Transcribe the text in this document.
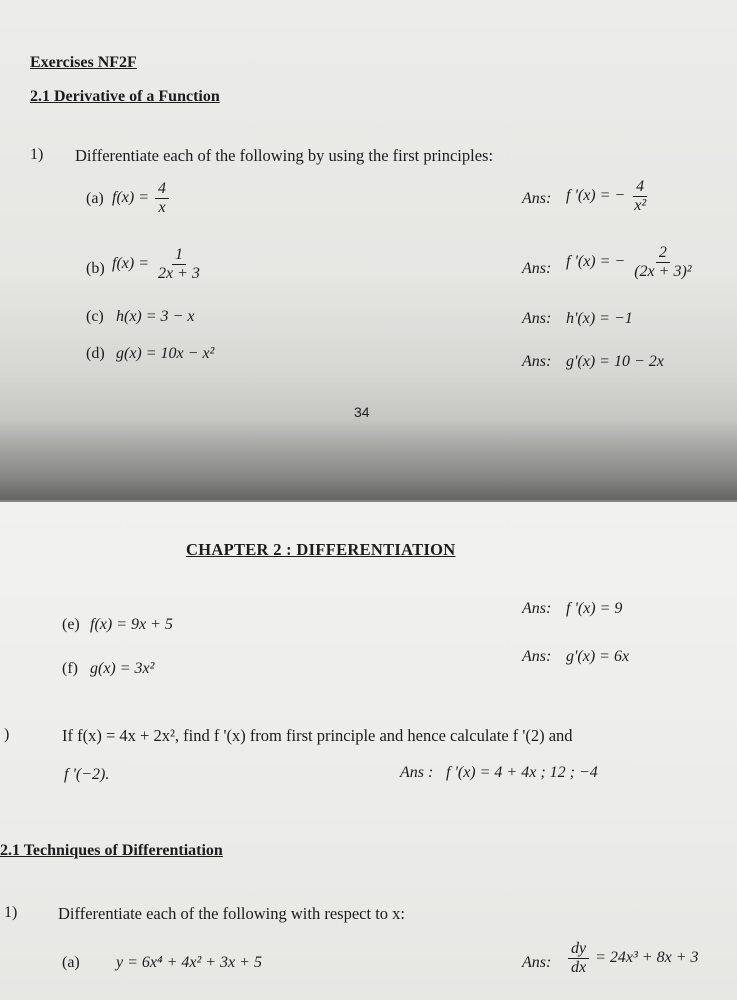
Exercises NF2F
2.1 Derivative of a Function
1) Differentiate each of the following by using the first principles:
(a) $f(x) = \frac{4}{x}$	Ans: f '(x) = − $\frac{4}{\text{x²}}$
(b) $f(x) = \frac{1}{2x + 3}$	Ans: f '(x) = − $\frac{2}{\text{(2x + 3)²}}$
(c) h(x) = 3 − x	Ans: h'(x) = −1
(d) g(x) = 10x − x²	Ans: g'(x) = 10 − 2x
34
CHAPTER 2 : DIFFERENTIATION
(e) f(x) = 9x + 5
Ans: f '(x) = 9
(f) g(x) = 3x²
Ans: g'(x) = 6x
)	If f(x) = 4x + 2x², find f '(x) from first principle and hence calculate f '(2) and
f '(−2).	Ans : f '(x) = 4 + 4x ; 12 ; −4
2.1 Techniques of Differentiation
1) Differentiate each of the following with respect to x:
(a) y = 6x⁴ + 4x² + 3x + 5	Ans: $\frac{dy}{dx} = 24x^3 + 8x + 3$
